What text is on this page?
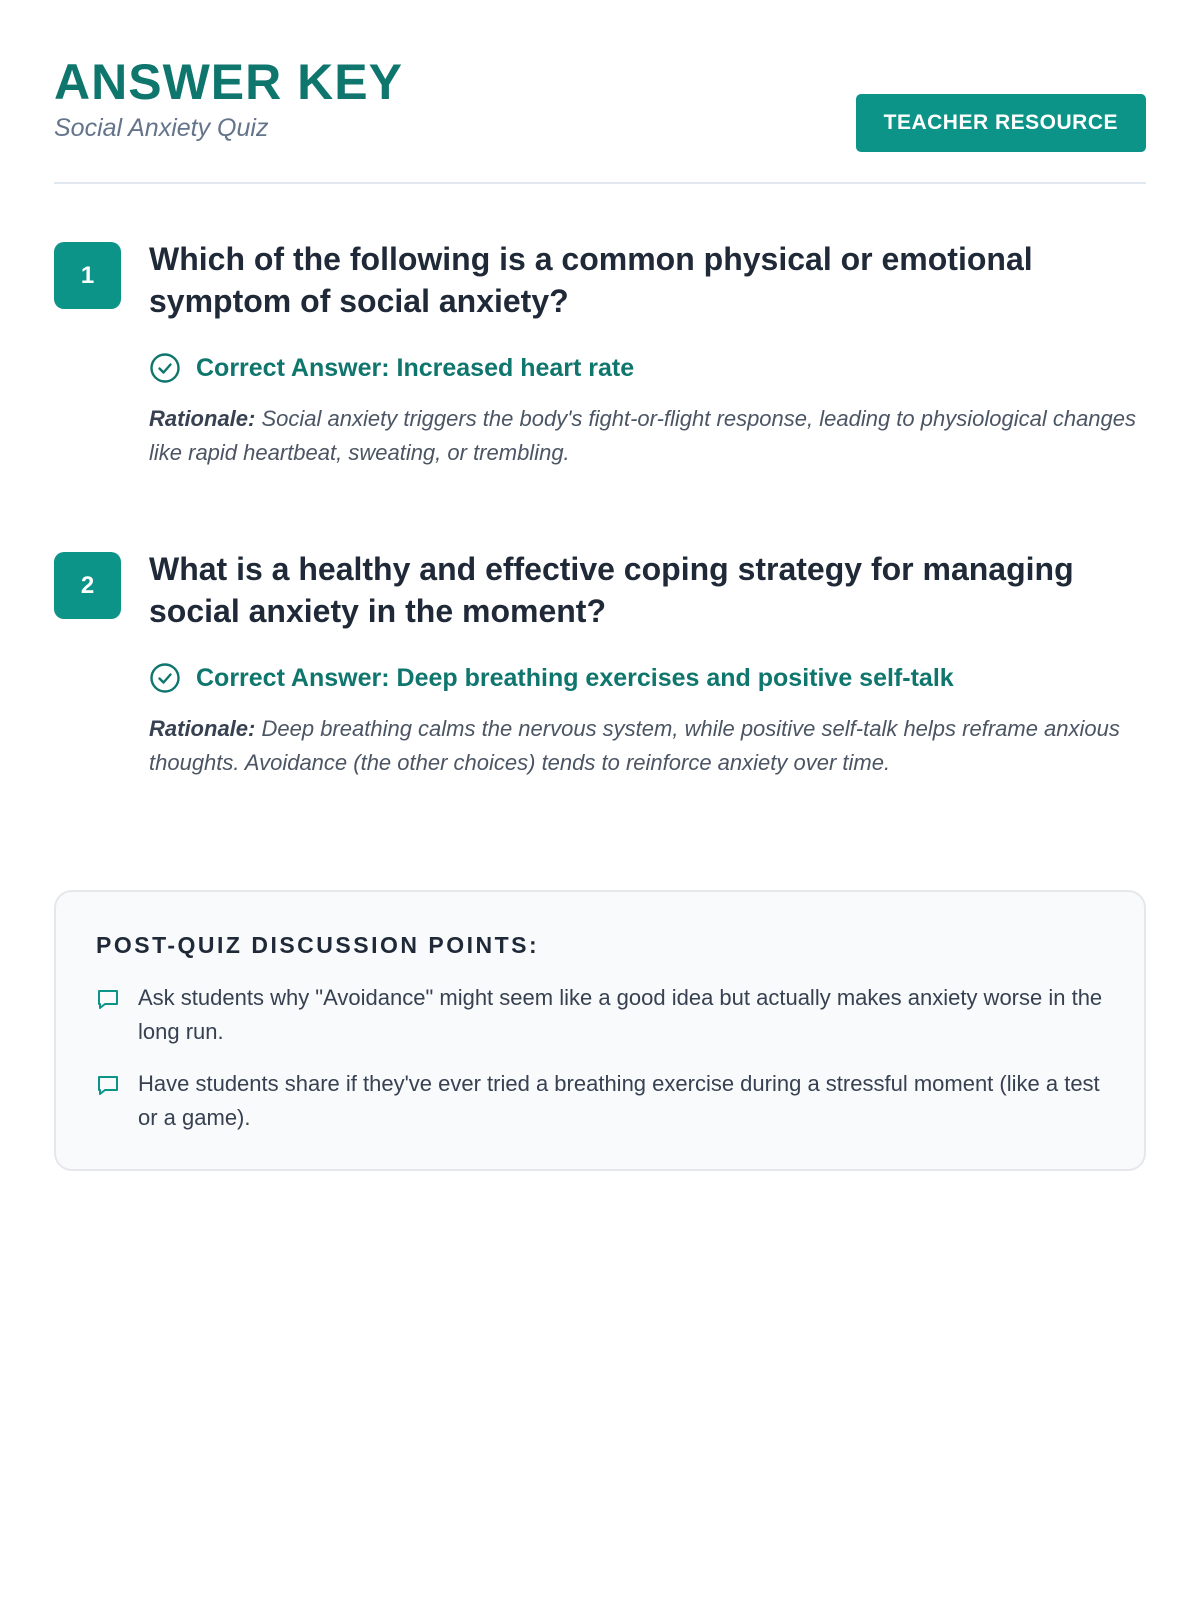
ANSWER KEY
Social Anxiety Quiz	TEACHER RESOURCE
1	Which of the following is a common physical or emotional symptom of social anxiety?
Correct Answer: Increased heart rate

Rationale: Social anxiety triggers the body's fight-or-flight response, leading to physiological changes like rapid heartbeat, sweating, or trembling.

2	What is a healthy and effective coping strategy for managing social anxiety in the moment?
Correct Answer: Deep breathing exercises and positive self-talk

Rationale: Deep breathing calms the nervous system, while positive self-talk helps reframe anxious thoughts. Avoidance (the other choices) tends to reinforce anxiety over time.

POST-QUIZ DISCUSSION POINTS:
Ask students why "Avoidance" might seem like a good idea but actually makes anxiety worse in the long run.
Have students share if they've ever tried a breathing exercise during a stressful moment (like a test or a game).
